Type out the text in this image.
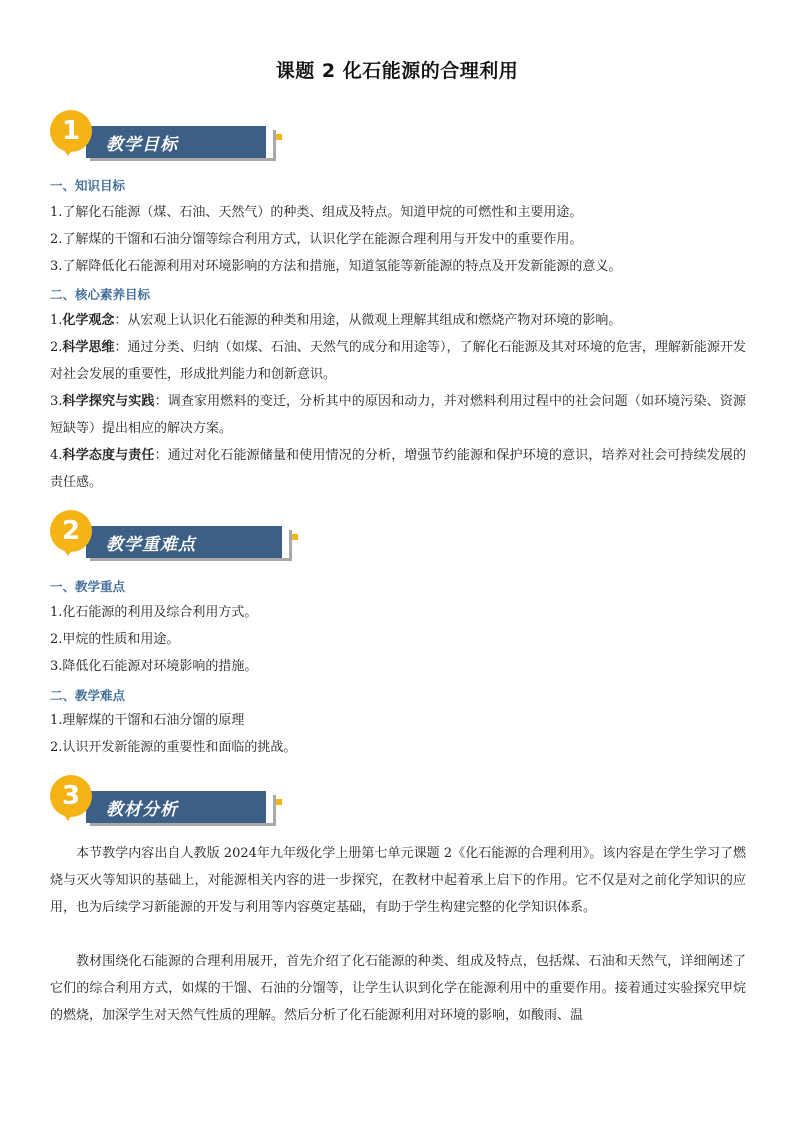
课题 2 化石能源的合理利用
1	教学目标
一、知识目标
1.了解化石能源（煤、石油、天然气）的种类、组成及特点。知道甲烷的可燃性和主要用途。
2.了解煤的干馏和石油分馏等综合利用方式，认识化学在能源合理利用与开发中的重要作用。
3.了解降低化石能源利用对环境影响的方法和措施，知道氢能等新能源的特点及开发新能源的意义。
二、核心素养目标
1.化学观念：从宏观上认识化石能源的种类和用途，从微观上理解其组成和燃烧产物对环境的影响。
2.科学思维：通过分类、归纳（如煤、石油、天然气的成分和用途等），了解化石能源及其对环境的危害，理解新能源开发对社会发展的重要性，形成批判能力和创新意识。
3.科学探究与实践：调查家用燃料的变迁，分析其中的原因和动力，并对燃料利用过程中的社会问题（如环境污染、资源短缺等）提出相应的解决方案。
4.科学态度与责任：通过对化石能源储量和使用情况的分析，增强节约能源和保护环境的意识，培养对社会可持续发展的责任感。
2	教学重难点
一、教学重点
1.化石能源的利用及综合利用方式。
2.甲烷的性质和用途。
3.降低化石能源对环境影响的措施。
二、教学难点
1.理解煤的干馏和石油分馏的原理
2.认识开发新能源的重要性和面临的挑战。
3	教材分析
本节教学内容出自人教版 2024年九年级化学上册第七单元课题 2《化石能源的合理利用》。该内容是在学生学习了燃烧与灭火等知识的基础上，对能源相关内容的进一步探究，在教材中起着承上启下的作用。它不仅是对之前化学知识的应用，也为后续学习新能源的开发与利用等内容奠定基础，有助于学生构建完整的化学知识体系。
教材围绕化石能源的合理利用展开，首先介绍了化石能源的种类、组成及特点，包括煤、石油和天然气，详细阐述了它们的综合利用方式，如煤的干馏、石油的分馏等，让学生认识到化学在能源利用中的重要作用。接着通过实验探究甲烷的燃烧，加深学生对天然气性质的理解。然后分析了化石能源利用对环境的影响，如酸雨、温
